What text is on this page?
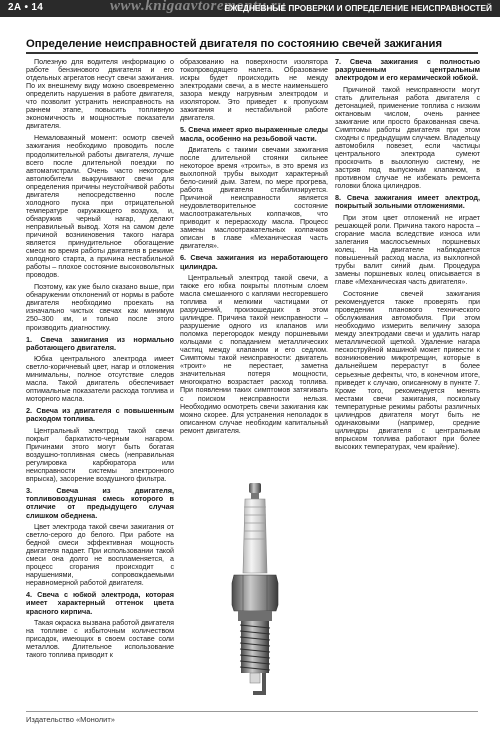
www.knigaavtoremontu.ru
2А • 14	ЕЖЕДНЕВНЫЕ ПРОВЕРКИ И ОПРЕДЕЛЕНИЕ НЕИСПРАВНОСТЕЙ
Определение неисправностей двигателя по состоянию свечей зажигания

Полезную для водителя информацию о работе бензинового двигателя и его отдельных агрегатов несут свечи зажигания. По их внешнему виду можно своевременно определить нарушения в работе двигателя, что позволит устранить неисправность на раннем этапе, повысить топливную экономичность и мощностные показатели двигателя.

Немаловажный момент: осмотр свечей зажигания необходимо проводить после продолжительной работы двигателя, лучше всего после длительной поездки по автомагистрали. Очень часто некоторые автолюбители выкручивают свечи для определения причины неустойчивой работы двигателя непосредственно после холодного пуска при отрицательной температуре окружающего воздуха, и, обнаружив черный нагар, делают неправильный вывод. Хотя на самом деле причиной возникновения такого нагара является принудительное обогащение смеси во время работы двигателя в режиме холодного старта, а причина нестабильной работы – плохое состояние высоковольтных проводов.

Поэтому, как уже было сказано выше, при обнаружении отклонений от нормы в работе двигателя необходимо проехать на изначально чистых свечах как минимум 250–300 км, и только после этого производить диагностику.

1. Свеча зажигания из нормально работающего двигателя.

Юбка центрального электрода имеет светло-коричневый цвет, нагар и отложения минимальны, полное отсутствие следов масла. Такой двигатель обеспечивает оптимальные показатели расхода топлива и моторного масла.

2. Свеча из двигателя с повышенным расходом топлива.

Центральный электрод такой свечи покрыт бархатисто-черным нагаром. Причинами этого могут быть богатая воздушно-топливная смесь (неправильная регулировка карбюратора или неисправности системы электронного впрыска), засорение воздушного фильтра.

3. Свеча из двигателя, топливовоздушная смесь которого в отличие от предыдущего случая слишком обеднена.

Цвет электрода такой свечи зажигания от светло-серого до белого. При работе на бедной смеси эффективная мощность двигателя падает. При использовании такой смеси она долго не воспламеняется, а процесс сгорания происходит с нарушениями, сопровождаемыми неравномерной работой двигателя.

4. Свеча с юбкой электрода, которая имеет характерный оттенок цвета красного кирпича.

Такая окраска вызвана работой двигателя на топливе с избыточным количеством присадок, имеющих в своем составе соли металлов. Длительное использование такого топлива приводит к

образованию на поверхности изолятора токопроводящего налета. Образование искры будет происходить не между электродами свечи, а в месте наименьшего зазора между нагрувным электродом и изолятором. Это приведет к пропускам зажигания и нестабильной работе двигателя.

5. Свеча имеет ярко выраженные следы масла, особенно на резьбовой части.

Двигатель с такими свечами зажигания после длительной стоянки сильнее некоторое время «троить», в это время из выхлопной трубы выходит характерный бело-синий дым. Затем, по мере прогрева, работа двигателя стабилизируется. Причиной неисправности является неудовлетворительное состояние маслоотражательных колпачков, что приводит к перерасходу масла. Процесс замены маслоотражательных колпачков описан в главе «Механическая часть двигателя».

6. Свеча зажигания из неработающего цилиндра.

Центральный электрод такой свечи, а также его юбка покрыты плотным слоем масла смешанного с каплями несгоревшего топлива и мелкими частицами от разрушений, произошедших в этом цилиндре. Причина такой неисправности – разрушение одного из клапанов или поломка перегородок между поршневыми кольцами с попаданием металлических частиц между клапаном и его седлом. Симптомы такой неисправности: двигатель «троит» не перестает, заметна значительная потеря мощности, многократно возрастает расход топлива. При появлении таких симптомов затягивать с поиском неисправности нельзя. Необходимо осмотреть свечи зажигания как можно скорее. Для устранения неполадок в описанном случае необходим капитальный ремонт двигателя.

7. Свеча зажигания с полностью разрушенным центральным электродом и его керамической юбкой.

Причиной такой неисправности могут стать длительная работа двигателя с детонацией, применение топлива с низким октановым числом, очень раннее зажигание или просто бракованная свеча. Симптомы работы двигателя при этом сходны с предыдущим случаем. Владельцу автомобиля повезет, если частицы центрального электрода сумеют проскочить в выхлопную систему, не застряв под выпускным клапаном, в противном случае не избежать ремонта головки блока цилиндров.

8. Свеча зажигания имеет электрод, покрытый зольными отложениями.

При этом цвет отложений не играет решающей роли. Причина такого нароста – сгорание масла вследствие износа или залегания маслосъемных поршневых колец. На двигателе наблюдается повышенный расход масла, из выхлопной трубы валит синий дым. Процедура замены поршневых колец описывается в главе «Механическая часть двигателя».

Состояние свечей зажигания рекомендуется также проверять при проведении планового технического обслуживания автомобиля. При этом необходимо измерить величину зазора между электродами свечи и удалить нагар металлической щеткой. Удаление нагара пескоструйной машиной может привести к возникновению микротрещин, которые в дальнейшем перерастут в более серьезные дефекты, что, в конечном итоге, приведет к случаю, описанному в пункте 7. Кроме того, рекомендуется менять местами свечи зажигания, поскольку температурные режимы работы различных цилиндров двигателя могут быть не одинаковыми (например, средние цилиндры двигателя с центральным впрыском топлива работают при более высоких температурах, чем крайние).

Издательство «Монолит»
